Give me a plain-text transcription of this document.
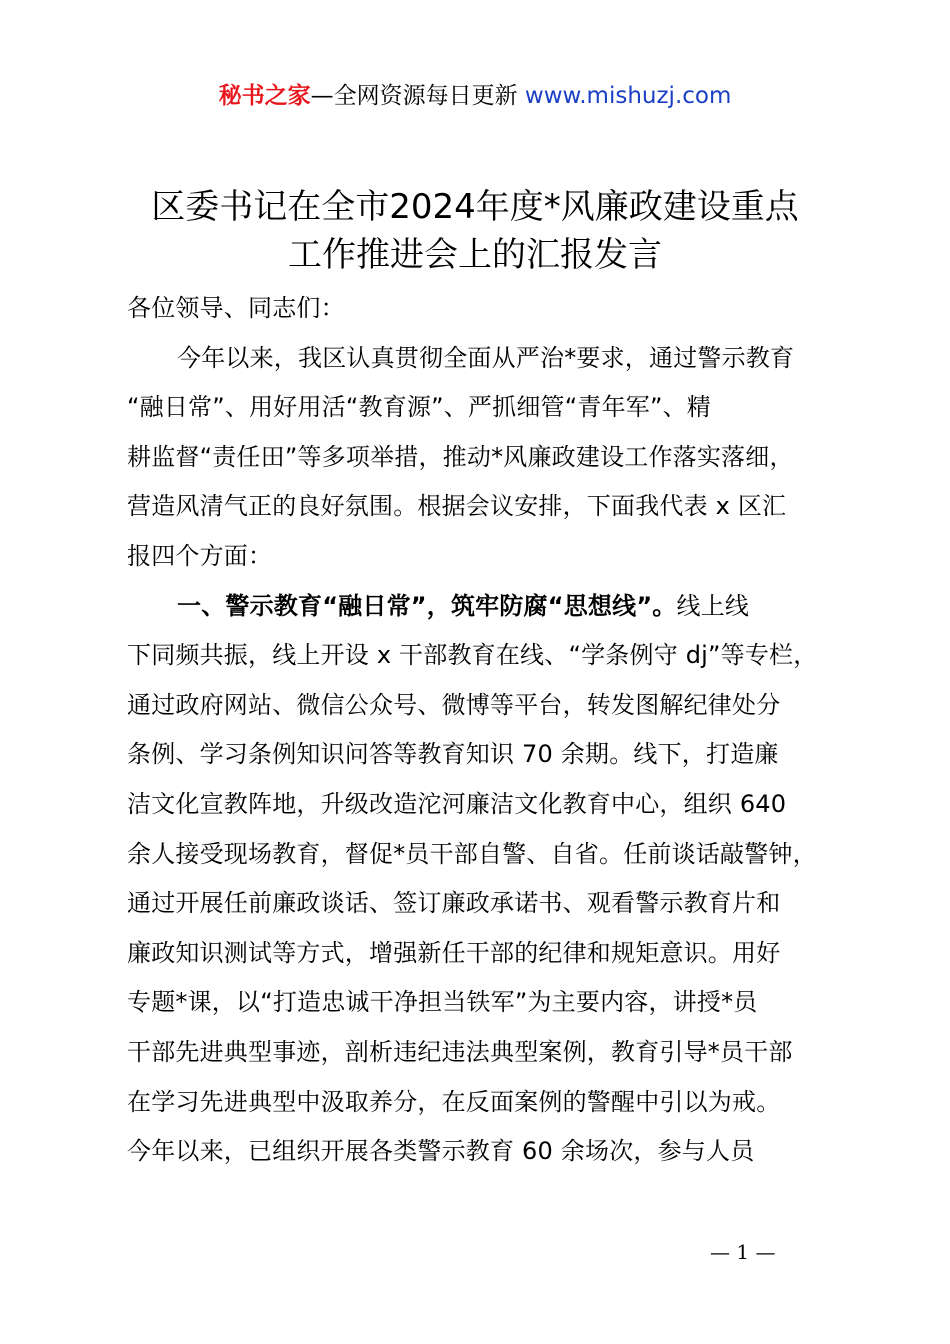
秘书之家—全网资源每日更新 www.mishuzj.com
区委书记在全市2024年度*风廉政建设重点
工作推进会上的汇报发言
各位领导、同志们：
今年以来，我区认真贯彻全面从严治*要求，通过警示教育
“融日常”、用好用活“教育源”、严抓细管“青年军”、精
耕监督“责任田”等多项举措，推动*风廉政建设工作落实落细，
营造风清气正的良好氛围。根据会议安排，下面我代表 x 区汇
报四个方面：
一、警示教育“融日常”，筑牢防腐“思想线”。线上线
下同频共振，线上开设 x 干部教育在线、“学条例守 dj”等专栏，
通过政府网站、微信公众号、微博等平台，转发图解纪律处分
条例、学习条例知识问答等教育知识 70 余期。线下，打造廉
洁文化宣教阵地，升级改造沱河廉洁文化教育中心，组织 640
余人接受现场教育，督促*员干部自警、自省。任前谈话敲警钟，
通过开展任前廉政谈话、签订廉政承诺书、观看警示教育片和
廉政知识测试等方式，增强新任干部的纪律和规矩意识。用好
专题*课，以“打造忠诚干净担当铁军”为主要内容，讲授*员
干部先进典型事迹，剖析违纪违法典型案例，教育引导*员干部
在学习先进典型中汲取养分，在反面案例的警醒中引以为戒。
今年以来，已组织开展各类警示教育 60 余场次，参与人员
— 1 —
